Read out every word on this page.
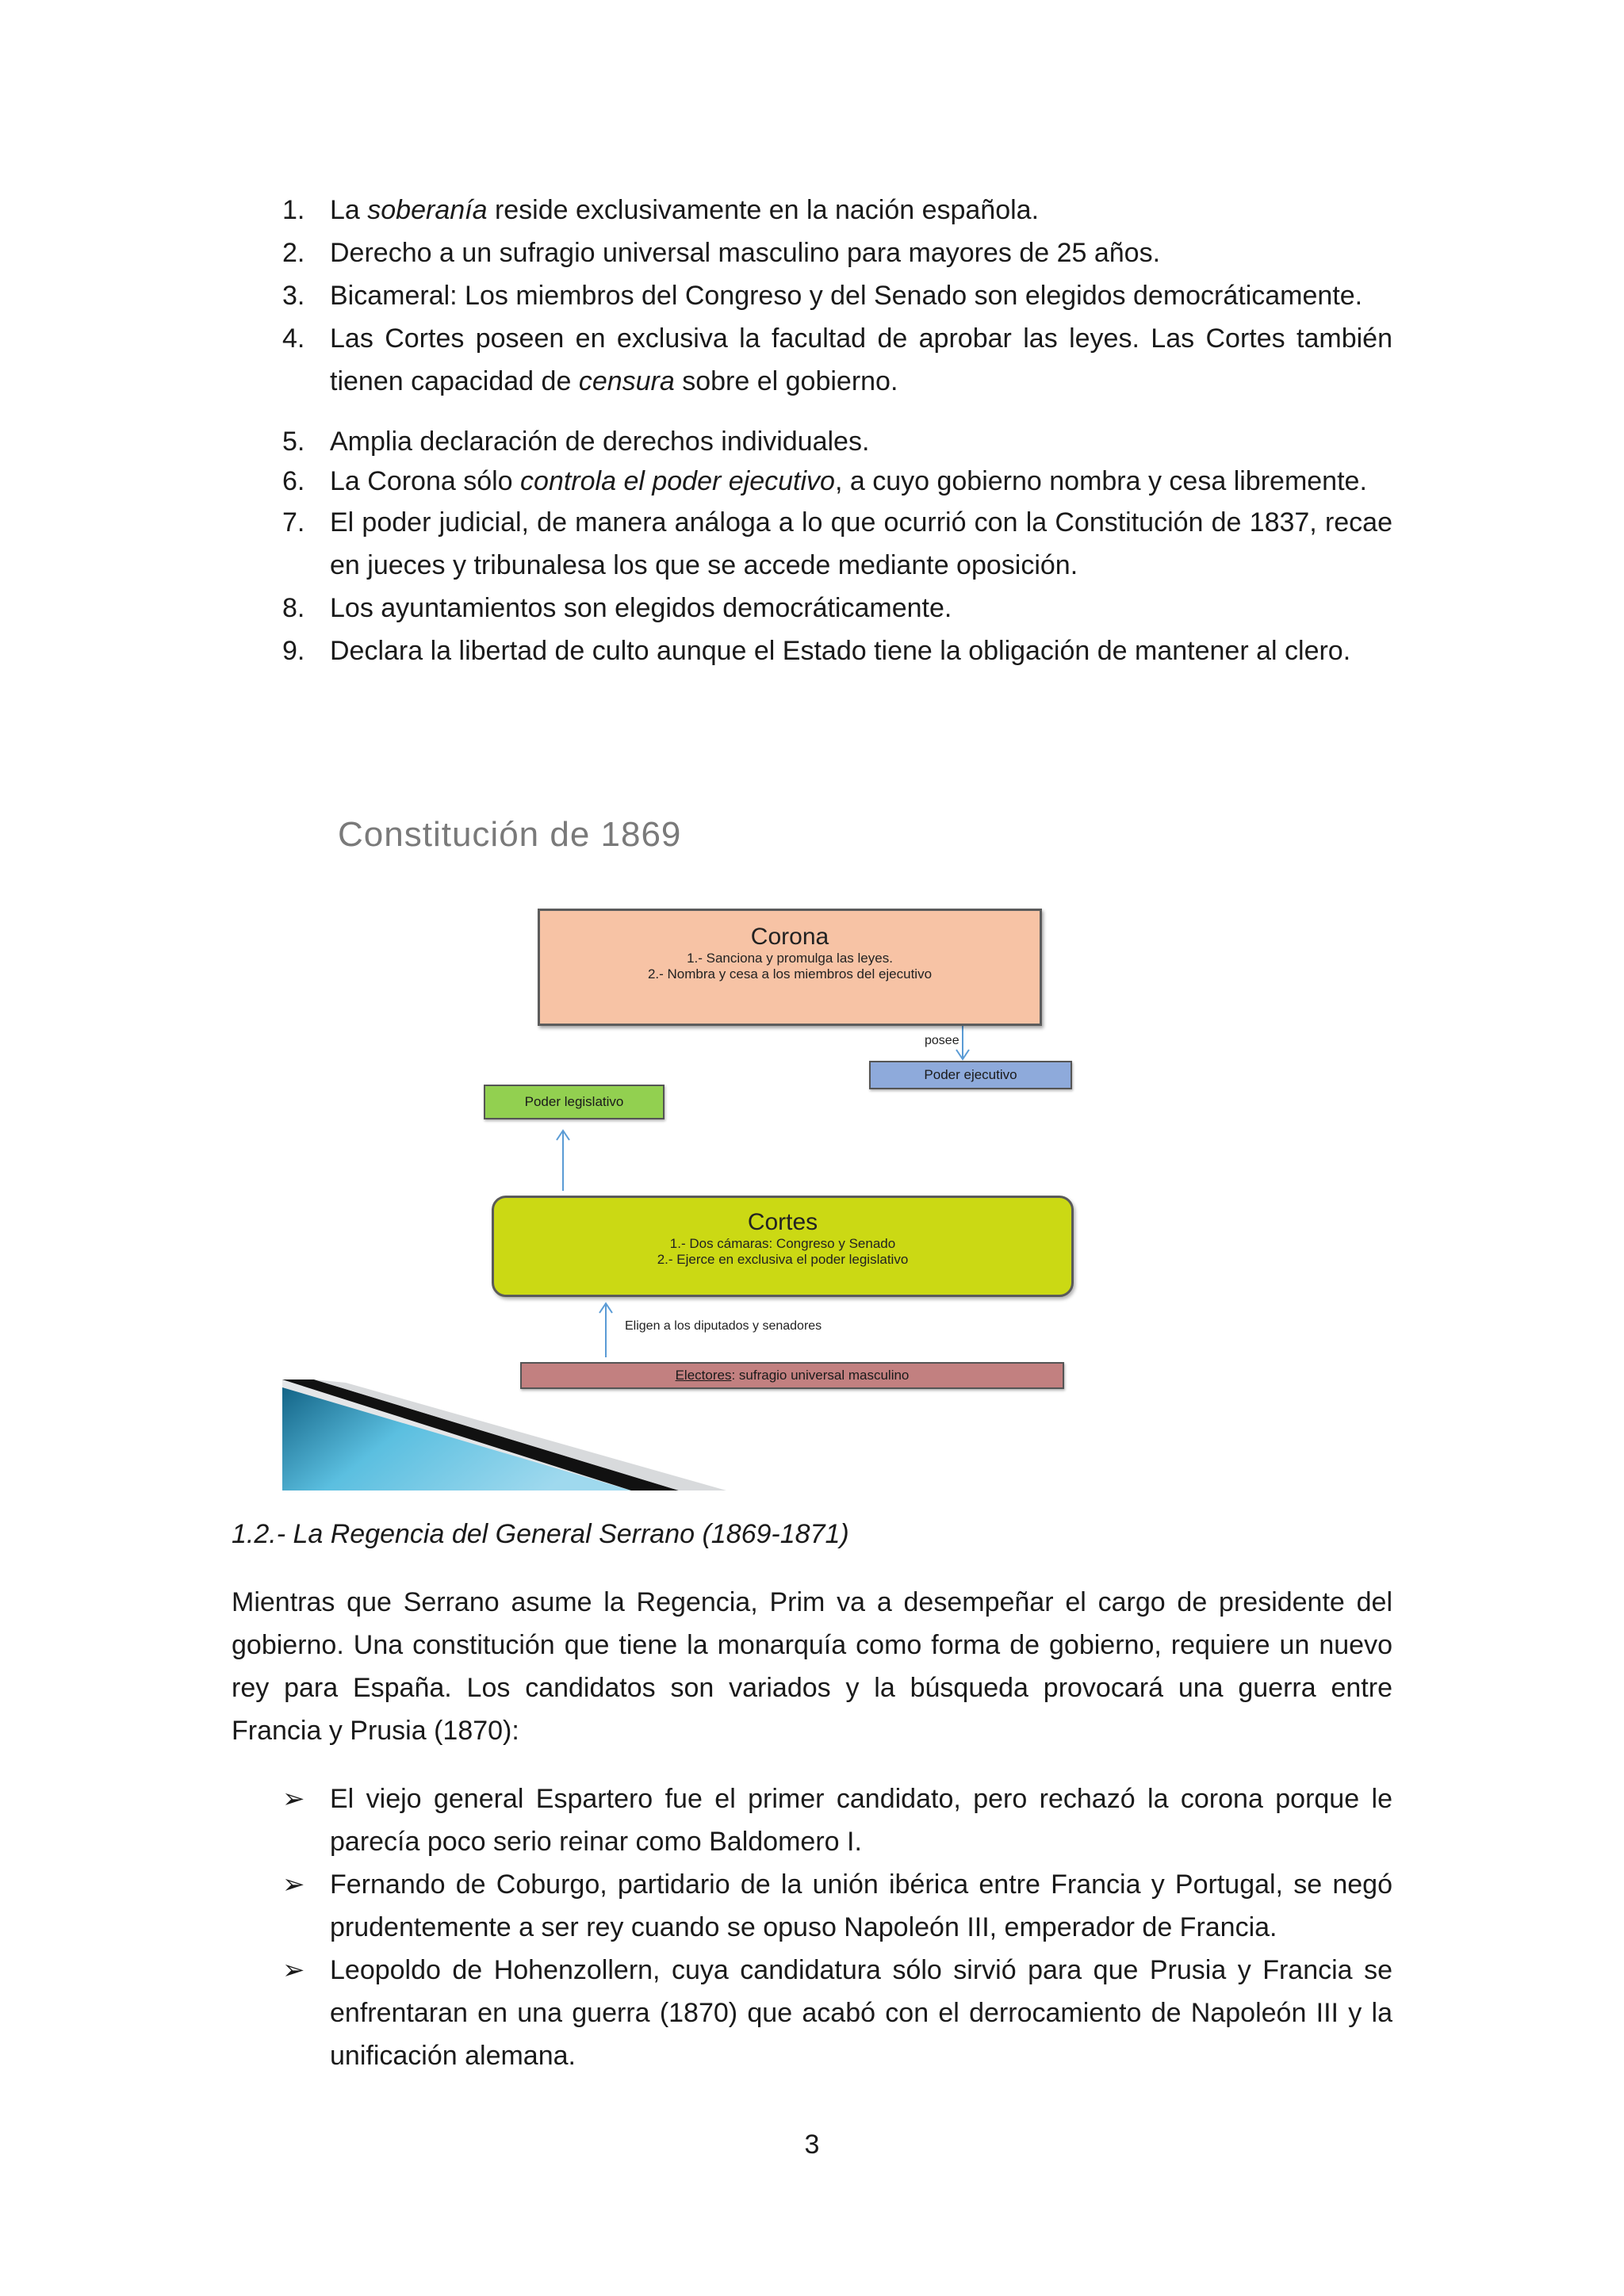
1. La soberanía reside exclusivamente en la nación española.
2. Derecho a un sufragio universal masculino para mayores de 25 años.
3. Bicameral: Los miembros del Congreso y del Senado son elegidos democráticamente.
4. Las Cortes poseen en exclusiva la facultad de aprobar las leyes. Las Cortes también tienen capacidad de censura sobre el gobierno.
5. Amplia declaración de derechos individuales.
6. La Corona sólo controla el poder ejecutivo, a cuyo gobierno nombra y cesa libremente.
7. El poder judicial, de manera análoga a lo que ocurrió con la Constitución de 1837, recae en jueces y tribunalesa los que se accede mediante oposición.
8. Los ayuntamientos son elegidos democráticamente.
9. Declara la libertad de culto aunque el Estado tiene la obligación de mantener al clero.
Constitución de 1869
Corona
1.- Sanciona y promulga las leyes.
2.- Nombra y cesa a los miembros del ejecutivo
posee
Poder ejecutivo
Poder legislativo
Cortes
1.- Dos cámaras: Congreso y Senado
2.- Ejerce en exclusiva el poder legislativo
Eligen a los diputados y senadores
Electores: sufragio universal masculino
1.2.- La Regencia del General Serrano (1869-1871)
Mientras que Serrano asume la Regencia, Prim va a desempeñar el cargo de presidente del gobierno. Una constitución que tiene la monarquía como forma de gobierno, requiere un nuevo rey para España. Los candidatos son variados y la búsqueda provocará una guerra entre Francia y Prusia (1870):
➢ El viejo general Espartero fue el primer candidato, pero rechazó la corona porque le parecía poco serio reinar como Baldomero I.
➢ Fernando de Coburgo, partidario de la unión ibérica entre Francia y Portugal, se negó prudentemente a ser rey cuando se opuso Napoleón III, emperador de Francia.
➢ Leopoldo de Hohenzollern, cuya candidatura sólo sirvió para que Prusia y Francia se enfrentaran en una guerra (1870) que acabó con el derrocamiento de Napoleón III y la unificación alemana.
3
